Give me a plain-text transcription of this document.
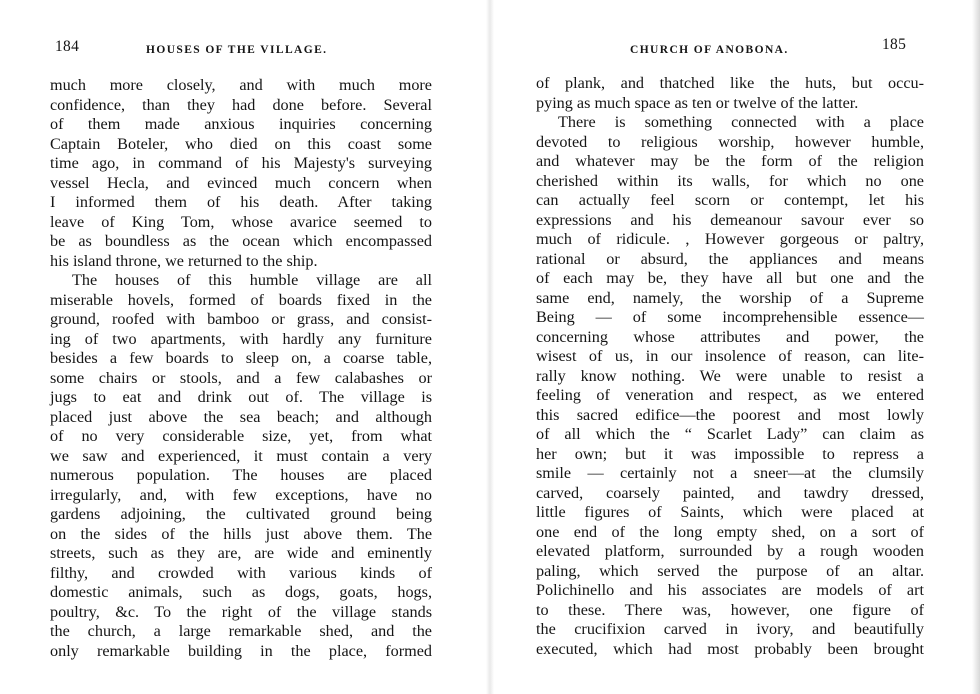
184	HOUSES OF THE VILLAGE.
much more closely, and with much more
confidence, than they had done before. Several
of them made anxious inquiries concerning
Captain Boteler, who died on this coast some
time ago, in command of his Majesty's surveying
vessel Hecla, and evinced much concern when
I informed them of his death. After taking
leave of King Tom, whose avarice seemed to
be as boundless as the ocean which encompassed
his island throne, we returned to the ship.
The houses of this humble village are all
miserable hovels, formed of boards fixed in the
ground, roofed with bamboo or grass, and consist-
ing of two apartments, with hardly any furniture
besides a few boards to sleep on, a coarse table,
some chairs or stools, and a few calabashes or
jugs to eat and drink out of. The village is
placed just above the sea beach; and although
of no very considerable size, yet, from what
we saw and experienced, it must contain a very
numerous population. The houses are placed
irregularly, and, with few exceptions, have no
gardens adjoining, the cultivated ground being
on the sides of the hills just above them. The
streets, such as they are, are wide and eminently
filthy, and crowded with various kinds of
domestic animals, such as dogs, goats, hogs,
poultry, &c. To the right of the village stands
the church, a large remarkable shed, and the
only remarkable building in the place, formed
CHURCH OF ANOBONA.	185
of plank, and thatched like the huts, but occu-
pying as much space as ten or twelve of the latter.
There is something connected with a place
devoted to religious worship, however humble,
and whatever may be the form of the religion
cherished within its walls, for which no one
can actually feel scorn or contempt, let his
expressions and his demeanour savour ever so
much of ridicule. , However gorgeous or paltry,
rational or absurd, the appliances and means
of each may be, they have all but one and the
same end, namely, the worship of a Supreme
Being — of some incomprehensible essence—
concerning whose attributes and power, the
wisest of us, in our insolence of reason, can lite-
rally know nothing. We were unable to resist a
feeling of veneration and respect, as we entered
this sacred edifice—the poorest and most lowly
of all which the “ Scarlet Lady” can claim as
her own; but it was impossible to repress a
smile — certainly not a sneer—at the clumsily
carved, coarsely painted, and tawdry dressed,
little figures of Saints, which were placed at
one end of the long empty shed, on a sort of
elevated platform, surrounded by a rough wooden
paling, which served the purpose of an altar.
Polichinello and his associates are models of art
to these. There was, however, one figure of
the crucifixion carved in ivory, and beautifully
executed, which had most probably been brought
